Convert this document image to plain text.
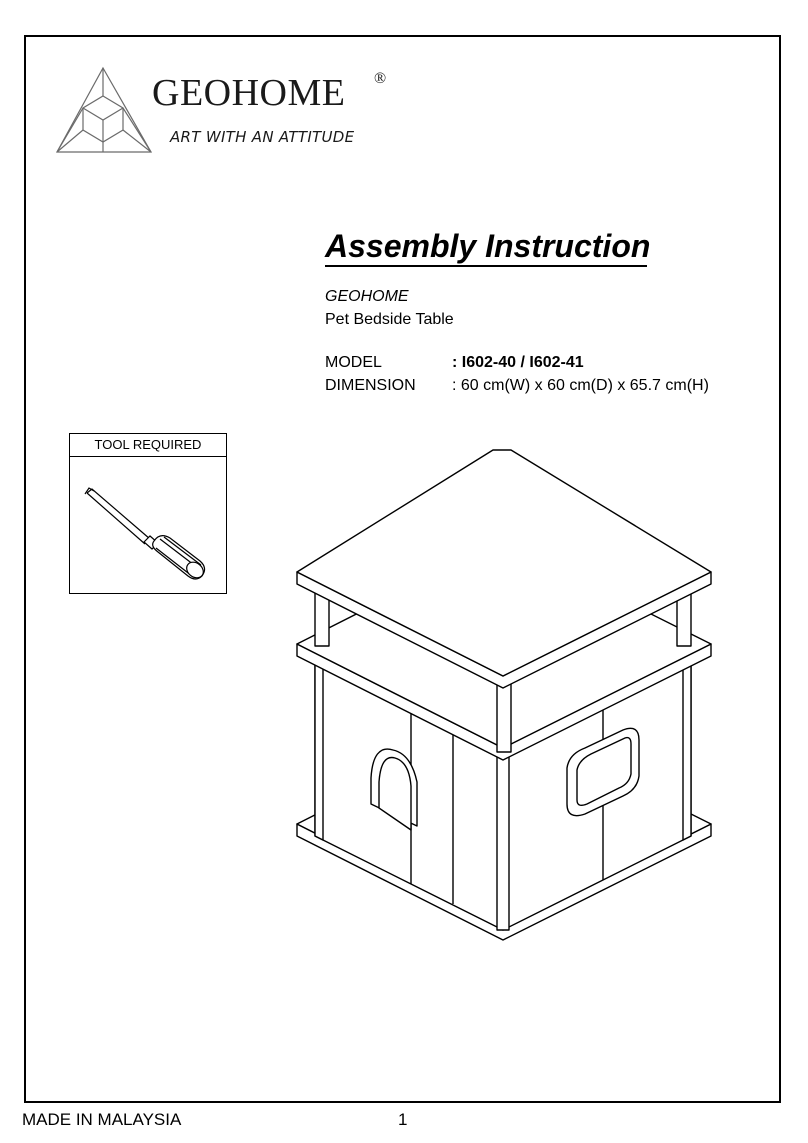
GEOHOME ®
ART WITH AN ATTITUDE
Assembly Instruction
GEOHOME
Pet Bedside Table
MODEL	: I602-40 / I602-41
DIMENSION : 60 cm(W) x 60 cm(D) x 65.7 cm(H)
TOOL REQUIRED
MADE IN MALAYSIA	1
